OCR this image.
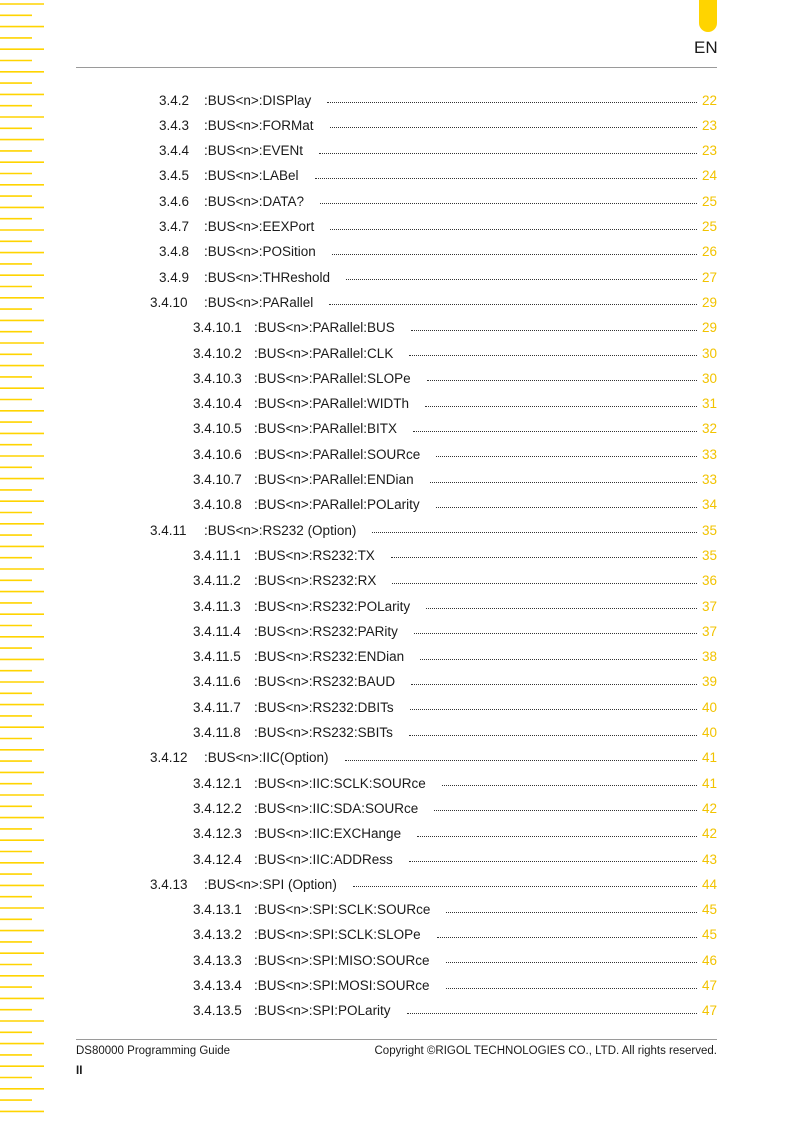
EN
3.4.2	:BUS<n>:DISPlay	22
3.4.3	:BUS<n>:FORMat	23
3.4.4	:BUS<n>:EVENt	23
3.4.5	:BUS<n>:LABel	24
3.4.6	:BUS<n>:DATA?	25
3.4.7	:BUS<n>:EEXPort	25
3.4.8	:BUS<n>:POSition	26
3.4.9	:BUS<n>:THReshold	27
3.4.10	:BUS<n>:PARallel	29
3.4.10.1 :BUS<n>:PARallel:BUS	29
3.4.10.2 :BUS<n>:PARallel:CLK	30
3.4.10.3 :BUS<n>:PARallel:SLOPe	30
3.4.10.4 :BUS<n>:PARallel:WIDTh	31
3.4.10.5 :BUS<n>:PARallel:BITX	32
3.4.10.6 :BUS<n>:PARallel:SOURce	33
3.4.10.7 :BUS<n>:PARallel:ENDian	33
3.4.10.8 :BUS<n>:PARallel:POLarity	34
3.4.11	:BUS<n>:RS232 (Option)	35
3.4.11.1 :BUS<n>:RS232:TX	35
3.4.11.2 :BUS<n>:RS232:RX	36
3.4.11.3 :BUS<n>:RS232:POLarity	37
3.4.11.4 :BUS<n>:RS232:PARity	37
3.4.11.5 :BUS<n>:RS232:ENDian	38
3.4.11.6 :BUS<n>:RS232:BAUD	39
3.4.11.7 :BUS<n>:RS232:DBITs	40
3.4.11.8 :BUS<n>:RS232:SBITs	40
3.4.12	:BUS<n>:IIC(Option)	41
3.4.12.1 :BUS<n>:IIC:SCLK:SOURce	41
3.4.12.2 :BUS<n>:IIC:SDA:SOURce	42
3.4.12.3 :BUS<n>:IIC:EXCHange	42
3.4.12.4 :BUS<n>:IIC:ADDRess	43
3.4.13	:BUS<n>:SPI (Option)	44
3.4.13.1 :BUS<n>:SPI:SCLK:SOURce	45
3.4.13.2 :BUS<n>:SPI:SCLK:SLOPe	45
3.4.13.3 :BUS<n>:SPI:MISO:SOURce	46
3.4.13.4 :BUS<n>:SPI:MOSI:SOURce	47
3.4.13.5 :BUS<n>:SPI:POLarity	47
DS80000 Programming Guide	Copyright ©RIGOL TECHNOLOGIES CO., LTD. All rights reserved.
II
